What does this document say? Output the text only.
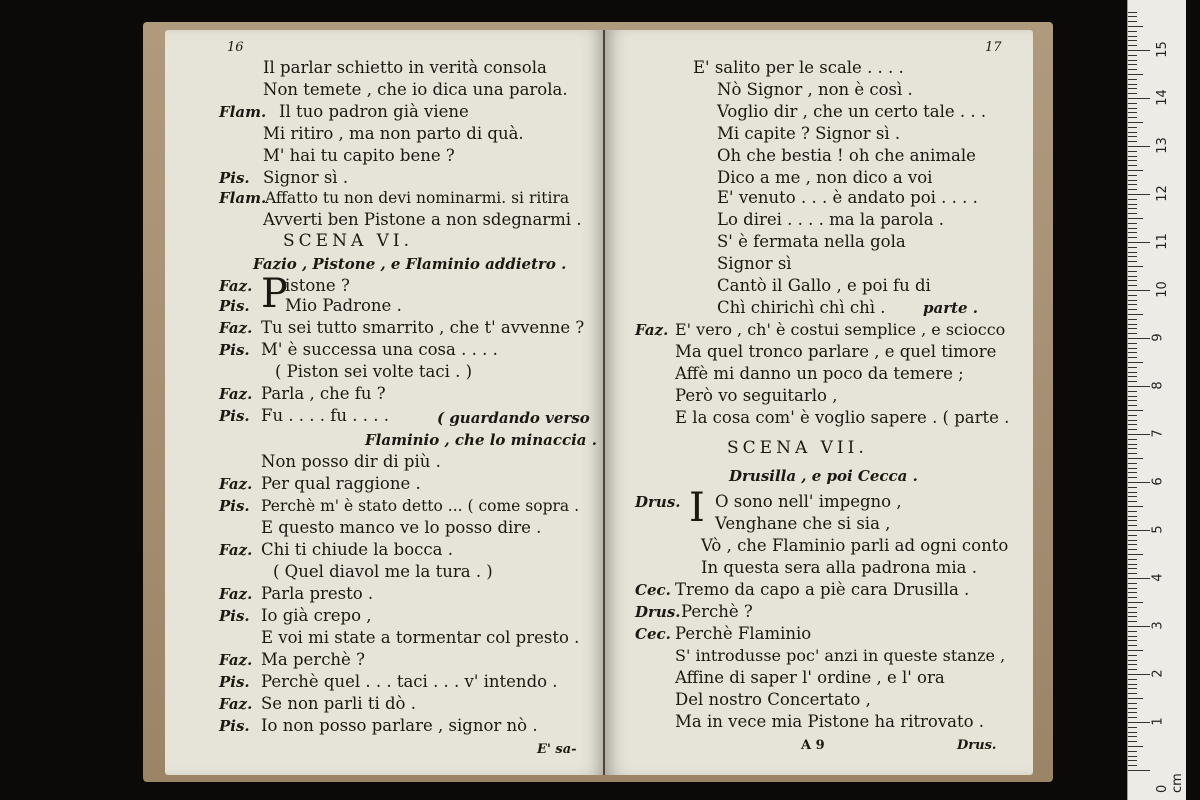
16
Il parlar schietto in verità consola
Non temete , che io dica una parola.
Flam. Il tuo padron già viene
Mi ritiro , ma non parto di quà.
M' hai tu capito bene ?
Pis. Signor sì .
Flam.
Affatto tu non devi nominarmi. si ritira
Avverti ben Pistone a non sdegnarmi .
SCENA VI.
Fazio , Pistone , e Flaminio addietro .
Faz. P
istone ?
Pis. Mio Padrone .
Faz. Tu sei tutto smarrito , che t' avvenne ?
Pis. M' è successa una cosa . . . .
( Piston sei volte taci . )
Faz. Parla , che fu ?
Pis. Fu . . . . fu . . . .	( guardando verso
Flaminio , che lo minaccia .
Non posso dir di più .
Faz. Per qual raggione .
Pis. Perchè m' è stato detto ... ( come sopra .
E questo manco ve lo posso dire .
Faz. Chi ti chiude la bocca .
( Quel diavol me la tura . )
Faz. Parla presto .
Pis. Io già crepo ,
E voi mi state a tormentar col presto .
Faz. Ma perchè ?
Pis. Perchè quel . . . taci . . . v' intendo .
Faz. Se non parli ti dò .
Pis. Io non posso parlare , signor nò .
E' sa-
17
E' salito per le scale . . . .
Nò Signor , non è così .
Voglio dir , che un certo tale . . .
Mi capite ? Signor sì .
Oh che bestia ! oh che animale
Dico a me , non dico a voi
E' venuto . . . è andato poi . . . .
Lo direi . . . . ma la parola .
S' è fermata nella gola
Signor sì
Cantò il Gallo , e poi fu di
Chì chirichì chì chì .	parte .
Faz. E' vero , ch' è costui semplice , e sciocco
Ma quel tronco parlare , e quel timore
Affè mi danno un poco da temere ;
Però vo seguitarlo ,
E la cosa com' è voglio sapere . ( parte .
SCENA VII.
Drusilla , e poi Cecca .
Drus. I O sono nell' impegno ,
Venghane che si sia ,
Vò , che Flaminio parli ad ogni conto
In questa sera alla padrona mia .
Cec. Tremo da capo a piè cara Drusilla .
Drus. Perchè ?
Cec. Perchè Flaminio
S' introdusse poc' anzi in queste stanze ,
Affine di saper l' ordine , e l' ora
Del nostro Concertato ,
Ma in vece mia Pistone ha ritrovato .
A 9	Drus.
0 cm
1
2
3
4
5
6
7
8
9
10
11
12
13
14
15
